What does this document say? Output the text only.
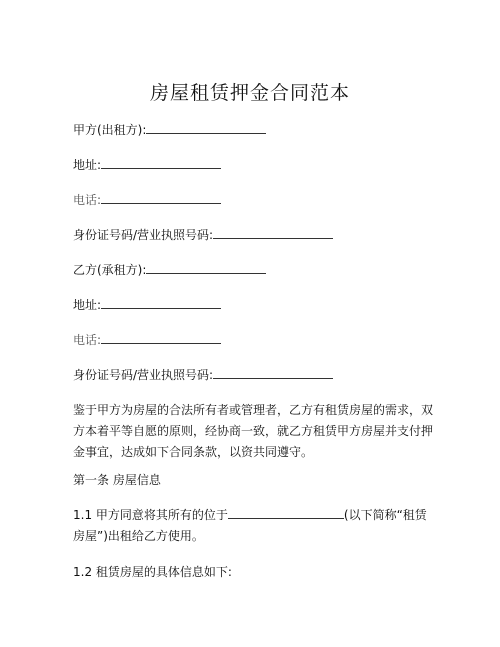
房屋租赁押金合同范本
甲方(出租方):
地址:
电话:
身份证号码/营业执照号码:
乙方(承租方):
地址:
电话:
身份证号码/营业执照号码:
鉴于甲方为房屋的合法所有者或管理者，乙方有租赁房屋的需求，双方本着平等自愿的原则，经协商一致，就乙方租赁甲方房屋并支付押金事宜，达成如下合同条款，以资共同遵守。
第一条 房屋信息
1.1 甲方同意将其所有的位于	(以下简称“租赁房屋”)出租给乙方使用。
1.2 租赁房屋的具体信息如下:
